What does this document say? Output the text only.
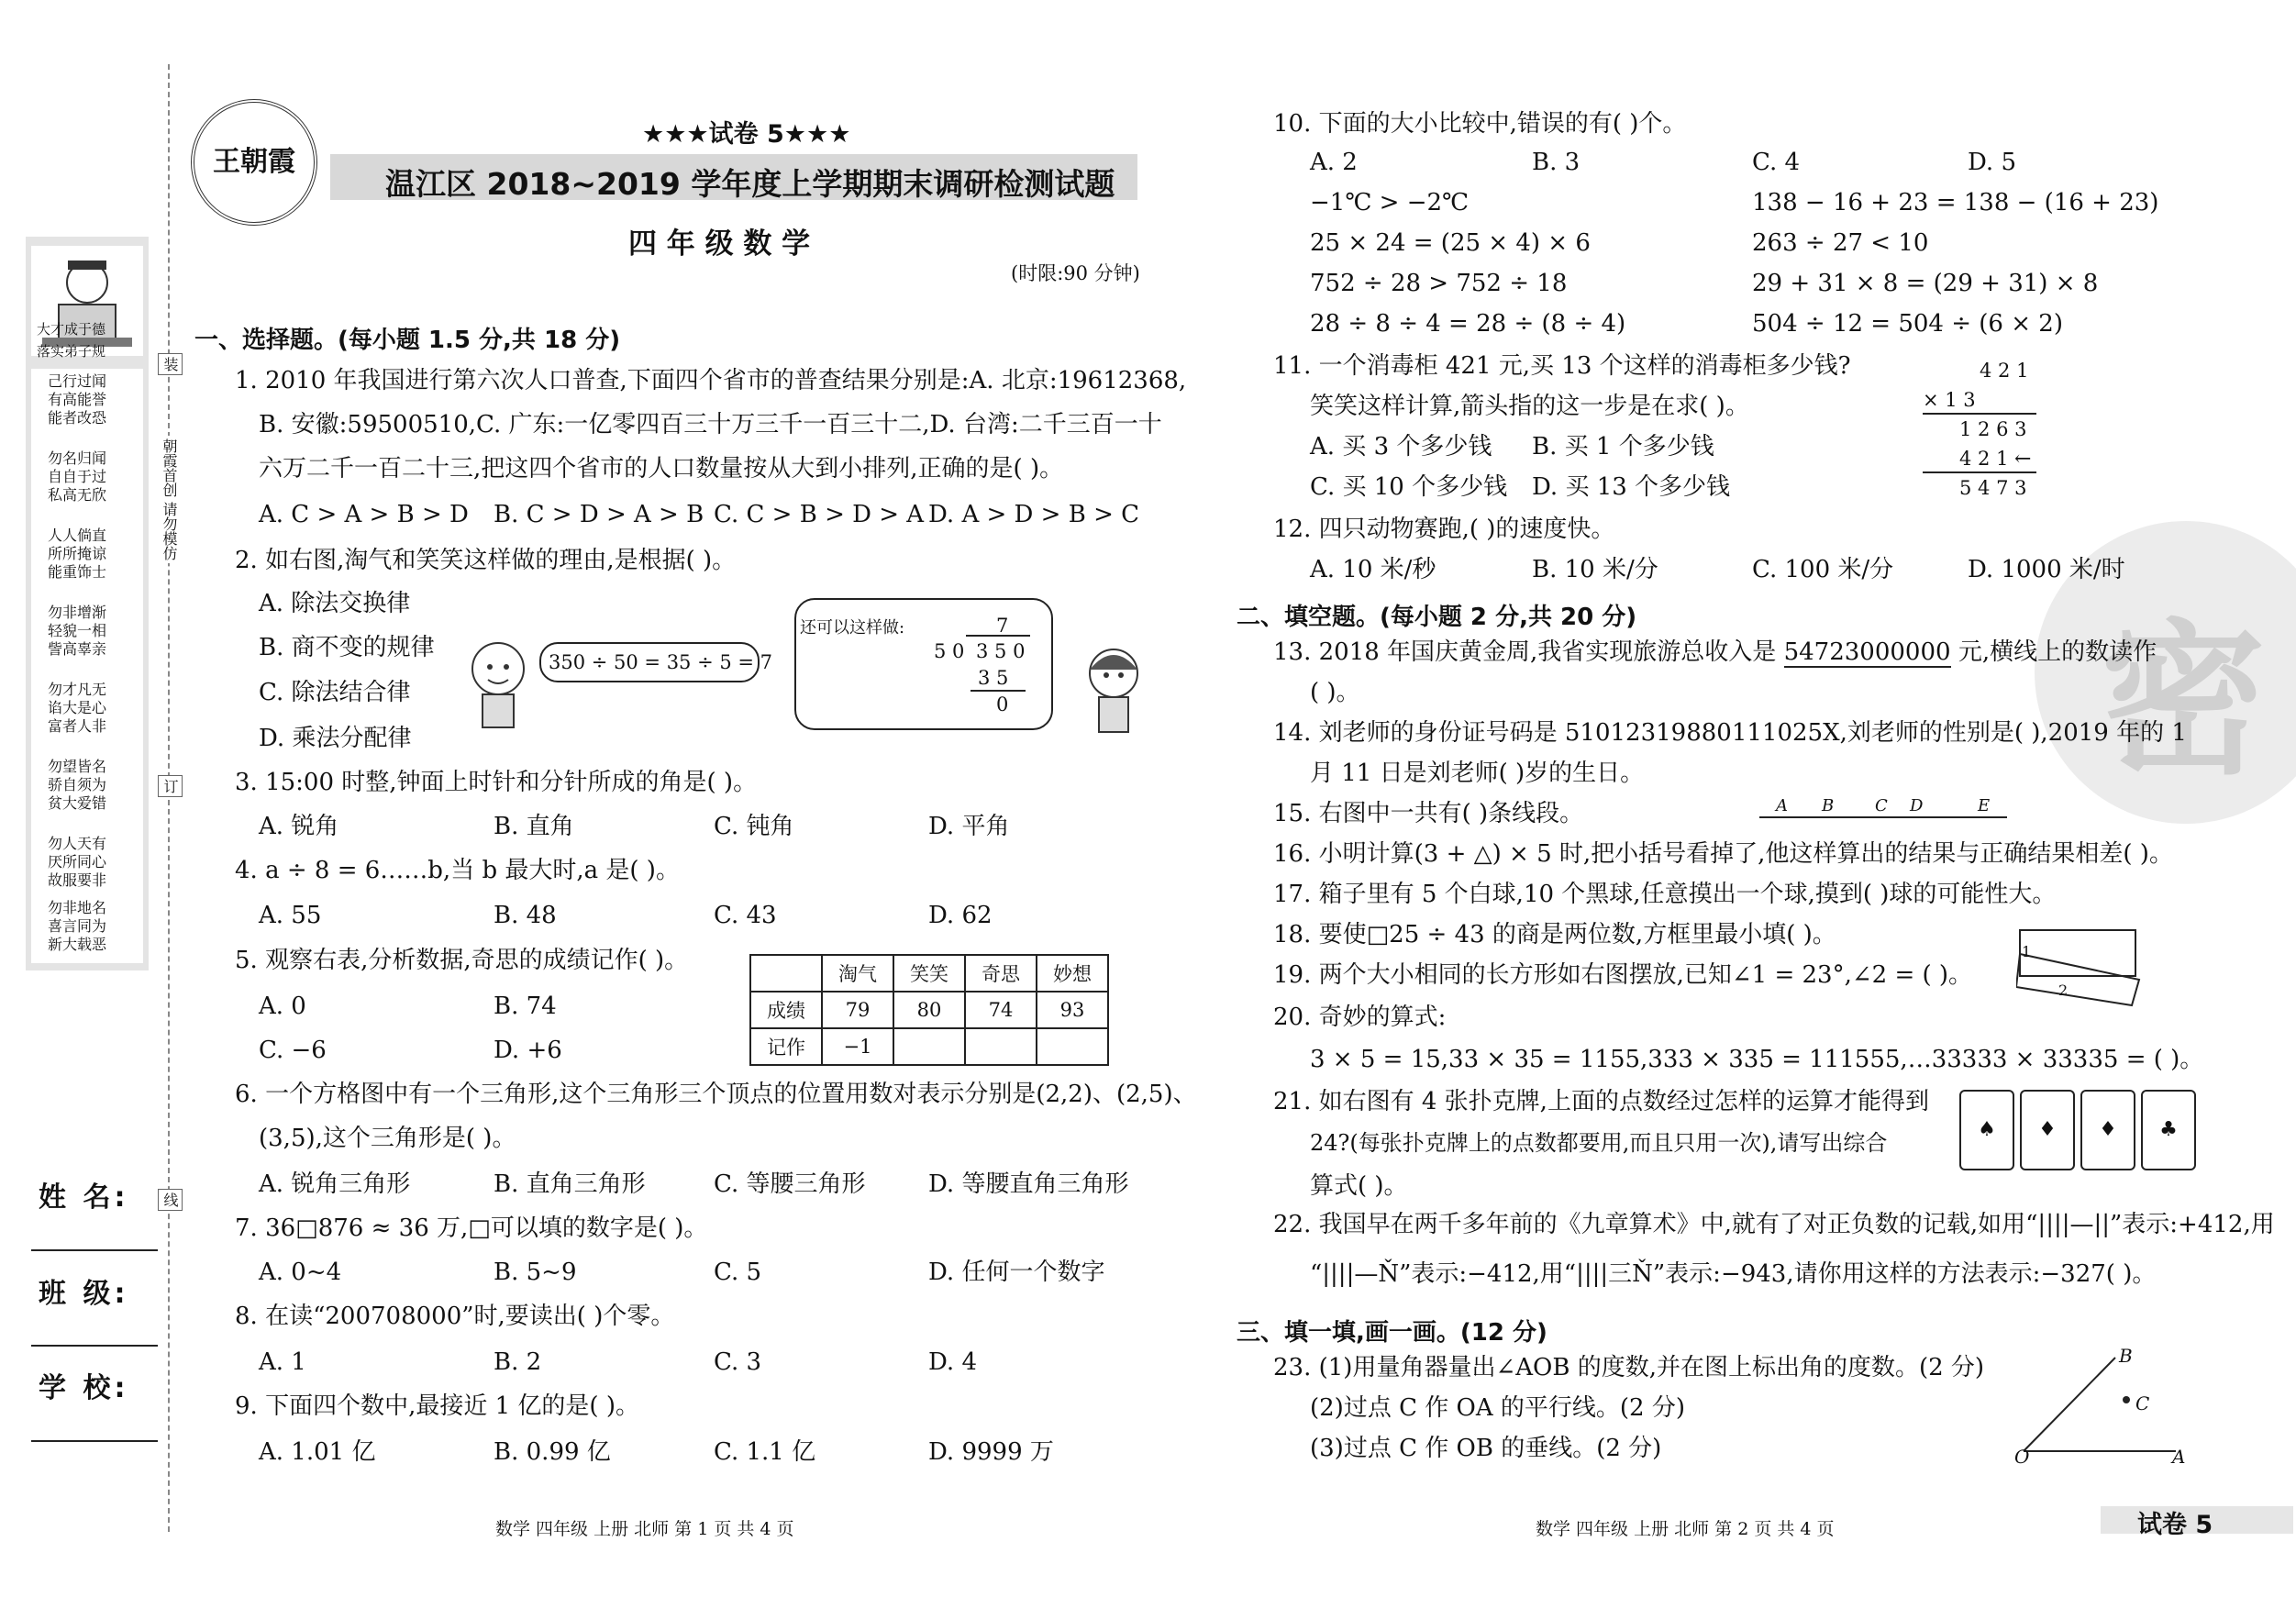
大才成于德
落实弟子规
己行过闻
有高能誉
能者改恐
勿名归闻
自自于过
私高无欣
人人倘直
所所掩谅
能重饰士
勿非增渐
轻貌一相
訾高辜亲
勿才凡无
谄大是心
富者人非
勿望皆名
骄自须为
贫大爱错
勿人天有
厌所同心
故服要非
勿非地名
喜言同为
新大载恶
装
朝霞首创 请勿模仿
订
线
姓 名:
班 级:
学 校:
王朝霞
★★★试卷 5★★★
温江区 2018~2019 学年度上学期期末调研检测试题
四 年 级 数 学
(时限:90 分钟)
一、选择题。(每小题 1.5 分,共 18 分)
1. 2010 年我国进行第六次人口普查,下面四个省市的普查结果分别是:A. 北京:19612368,
B. 安徽:59500510,C. 广东:一亿零四百三十万三千一百三十二,D. 台湾:二千三百一十
六万二千一百二十三,把这四个省市的人口数量按从大到小排列,正确的是( )。
A. C > A > B > D B. C > D > A > B C. C > B > D > A D. A > D > B > C
2. 如右图,淘气和笑笑这样做的理由,是根据( )。
A. 除法交换律
B. 商不变的规律
C. 除法结合律
D. 乘法分配律
350 ÷ 50 = 35 ÷ 5 = 7
还可以这样做:	7
5 0 3 5 0
3 5
0
3. 15:00 时整,钟面上时针和分针所成的角是( )。
A. 锐角	B. 直角	C. 钝角	D. 平角
4. a ÷ 8 = 6……b,当 b 最大时,a 是( )。
A. 55	B. 48	C. 43	D. 62
5. 观察右表,分析数据,奇思的成绩记作( )。
A. 0	B. 74
C. −6	D. +6
	淘气	笑笑	奇思	妙想
成绩	79	80	74	93
记作	−1			
6. 一个方格图中有一个三角形,这个三角形三个顶点的位置用数对表示分别是(2,2)、(2,5)、
(3,5),这个三角形是( )。
A. 锐角三角形	B. 直角三角形	C. 等腰三角形	D. 等腰直角三角形
7. 36□876 ≈ 36 万,□可以填的数字是( )。
A. 0~4	B. 5~9	C. 5	D. 任何一个数字
8. 在读“200708000”时,要读出( )个零。
A. 1	B. 2	C. 3	D. 4
9. 下面四个数中,最接近 1 亿的是( )。
A. 1.01 亿	B. 0.99 亿	C. 1.1 亿	D. 9999 万
数学 四年级 上册 北师 第 1 页 共 4 页
密
10. 下面的大小比较中,错误的有( )个。
A. 2	B. 3	C. 4	D. 5
−1℃ > −2℃
25 × 24 = (25 × 4) × 6
752 ÷ 28 > 752 ÷ 18
28 ÷ 8 ÷ 4 = 28 ÷ (8 ÷ 4)
138 − 16 + 23 = 138 − (16 + 23)
263 ÷ 27 < 10
29 + 31 × 8 = (29 + 31) × 8
504 ÷ 12 = 504 ÷ (6 × 2)
11. 一个消毒柜 421 元,买 13 个这样的消毒柜多少钱?
笑笑这样计算,箭头指的这一步是在求( )。
A. 买 3 个多少钱 B. 买 1 个多少钱
C. 买 10 个多少钱 D. 买 13 个多少钱
4 2 1
× 1 3
1 2 6 3
4 2 1 ←
5 4 7 3
12. 四只动物赛跑,( )的速度快。
A. 10 米/秒	B. 10 米/分	C. 100 米/分	D. 1000 米/时
二、填空题。(每小题 2 分,共 20 分)
13. 2018 年国庆黄金周,我省实现旅游总收入是 54723000000 元,横线上的数读作
( )。
14. 刘老师的身份证号码是 51012319880111025X,刘老师的性别是( ),2019 年的 1
月 11 日是刘老师( )岁的生日。
15. 右图中一共有( )条线段。	A B C D	E
16. 小明计算(3 + △) × 5 时,把小括号看掉了,他这样算出的结果与正确结果相差( )。
17. 箱子里有 5 个白球,10 个黑球,任意摸出一个球,摸到( )球的可能性大。
18. 要使□25 ÷ 43 的商是两位数,方框里最小填( )。
19. 两个大小相同的长方形如右图摆放,已知∠1 = 23°,∠2 = ( )。
1
2
20. 奇妙的算式:
3 × 5 = 15,33 × 35 = 1155,333 × 335 = 111555,…33333 × 33335 = ( )。
21. 如右图有 4 张扑克牌,上面的点数经过怎样的运算才能得到
24?(每张扑克牌上的点数都要用,而且只用一次),请写出综合
算式( )。
♠	♦	♦	♣
22. 我国早在两千多年前的《九章算术》中,就有了对正负数的记载,如用“||||—||”表示:+412,用
“||||—Ň”表示:−412,用“||||三Ň”表示:−943,请你用这样的方法表示:−327( )。
三、填一填,画一画。(12 分)
23. (1)用量角器量出∠AOB 的度数,并在图上标出角的度数。(2 分)
(2)过点 C 作 OA 的平行线。(2 分)
(3)过点 C 作 OB 的垂线。(2 分)	O	A
B
C
数学 四年级 上册 北师 第 2 页 共 4 页	试卷 5
